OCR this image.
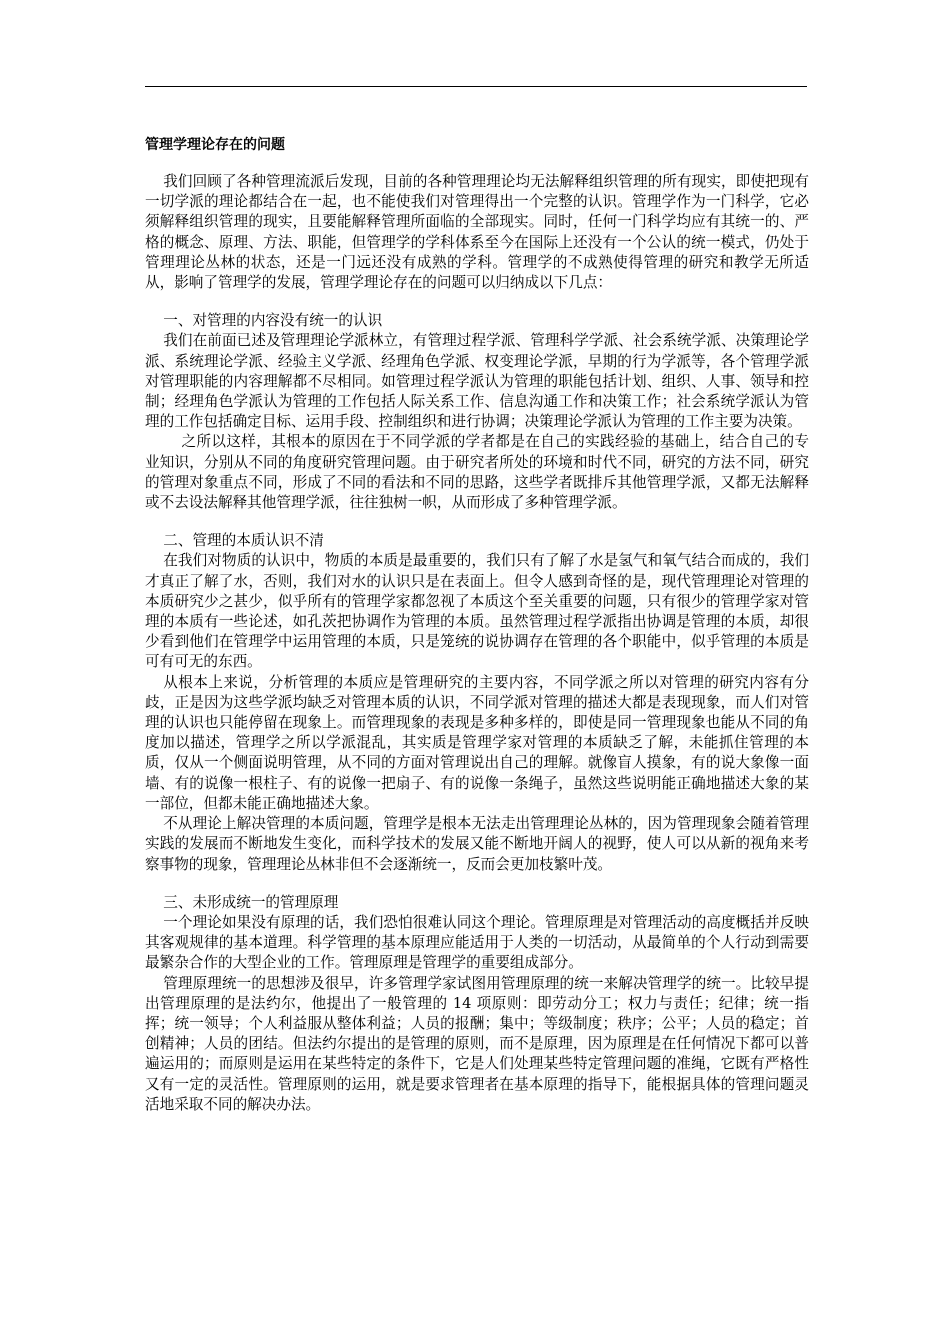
管理学理论存在的问题

我们回顾了各种管理流派后发现，目前的各种管理理论均无法解释组织管理的所有现实，即使把现有一切学派的理论都结合在一起，也不能使我们对管理得出一个完整的认识。管理学作为一门科学，它必须解释组织管理的现实，且要能解释管理所面临的全部现实。同时，任何一门科学均应有其统一的、严格的概念、原理、方法、职能，但管理学的学科体系至今在国际上还没有一个公认的统一模式，仍处于管理理论丛林的状态，还是一门远还没有成熟的学科。管理学的不成熟使得管理的研究和教学无所适从，影响了管理学的发展，管理学理论存在的问题可以归纳成以下几点：

一、对管理的内容没有统一的认识

我们在前面已述及管理理论学派林立，有管理过程学派、管理科学学派、社会系统学派、决策理论学派、系统理论学派、经验主义学派、经理角色学派、权变理论学派，早期的行为学派等，各个管理学派对管理职能的内容理解都不尽相同。如管理过程学派认为管理的职能包括计划、组织、人事、领导和控制；经理角色学派认为管理的工作包括人际关系工作、信息沟通工作和决策工作；社会系统学派认为管理的工作包括确定目标、运用手段、控制组织和进行协调；决策理论学派认为管理的工作主要为决策。

之所以这样，其根本的原因在于不同学派的学者都是在自己的实践经验的基础上，结合自己的专业知识，分别从不同的角度研究管理问题。由于研究者所处的环境和时代不同，研究的方法不同，研究的管理对象重点不同，形成了不同的看法和不同的思路，这些学者既排斥其他管理学派，又都无法解释或不去设法解释其他管理学派，往往独树一帜，从而形成了多种管理学派。

二、管理的本质认识不清

在我们对物质的认识中，物质的本质是最重要的，我们只有了解了水是氢气和氧气结合而成的，我们才真正了解了水，否则，我们对水的认识只是在表面上。但令人感到奇怪的是，现代管理理论对管理的本质研究少之甚少，似乎所有的管理学家都忽视了本质这个至关重要的问题，只有很少的管理学家对管理的本质有一些论述，如孔茨把协调作为管理的本质。虽然管理过程学派指出协调是管理的本质，却很少看到他们在管理学中运用管理的本质，只是笼统的说协调存在管理的各个职能中，似乎管理的本质是可有可无的东西。

从根本上来说，分析管理的本质应是管理研究的主要内容，不同学派之所以对管理的研究内容有分歧，正是因为这些学派均缺乏对管理本质的认识，不同学派对管理的描述大都是表现现象，而人们对管理的认识也只能停留在现象上。而管理现象的表现是多种多样的，即使是同一管理现象也能从不同的角度加以描述，管理学之所以学派混乱，其实质是管理学家对管理的本质缺乏了解，未能抓住管理的本质，仅从一个侧面说明管理，从不同的方面对管理说出自己的理解。就像盲人摸象，有的说大象像一面墙、有的说像一根柱子、有的说像一把扇子、有的说像一条绳子，虽然这些说明能正确地描述大象的某一部位，但都未能正确地描述大象。

不从理论上解决管理的本质问题，管理学是根本无法走出管理理论丛林的，因为管理现象会随着管理实践的发展而不断地发生变化，而科学技术的发展又能不断地开阔人的视野，使人可以从新的视角来考察事物的现象，管理理论丛林非但不会逐渐统一，反而会更加枝繁叶茂。

三、未形成统一的管理原理

一个理论如果没有原理的话，我们恐怕很难认同这个理论。管理原理是对管理活动的高度概括并反映其客观规律的基本道理。科学管理的基本原理应能适用于人类的一切活动，从最简单的个人行动到需要最繁杂合作的大型企业的工作。管理原理是管理学的重要组成部分。

管理原理统一的思想涉及很早，许多管理学家试图用管理原理的统一来解决管理学的统一。比较早提出管理原理的是法约尔，他提出了一般管理的 14 项原则：即劳动分工；权力与责任；纪律；统一指挥；统一领导；个人利益服从整体利益；人员的报酬；集中；等级制度；秩序；公平；人员的稳定；首创精神；人员的团结。但法约尔提出的是管理的原则，而不是原理，因为原理是在任何情况下都可以普遍运用的；而原则是运用在某些特定的条件下，它是人们处理某些特定管理问题的准绳，它既有严格性又有一定的灵活性。管理原则的运用，就是要求管理者在基本原理的指导下，能根据具体的管理问题灵活地采取不同的解决办法。
